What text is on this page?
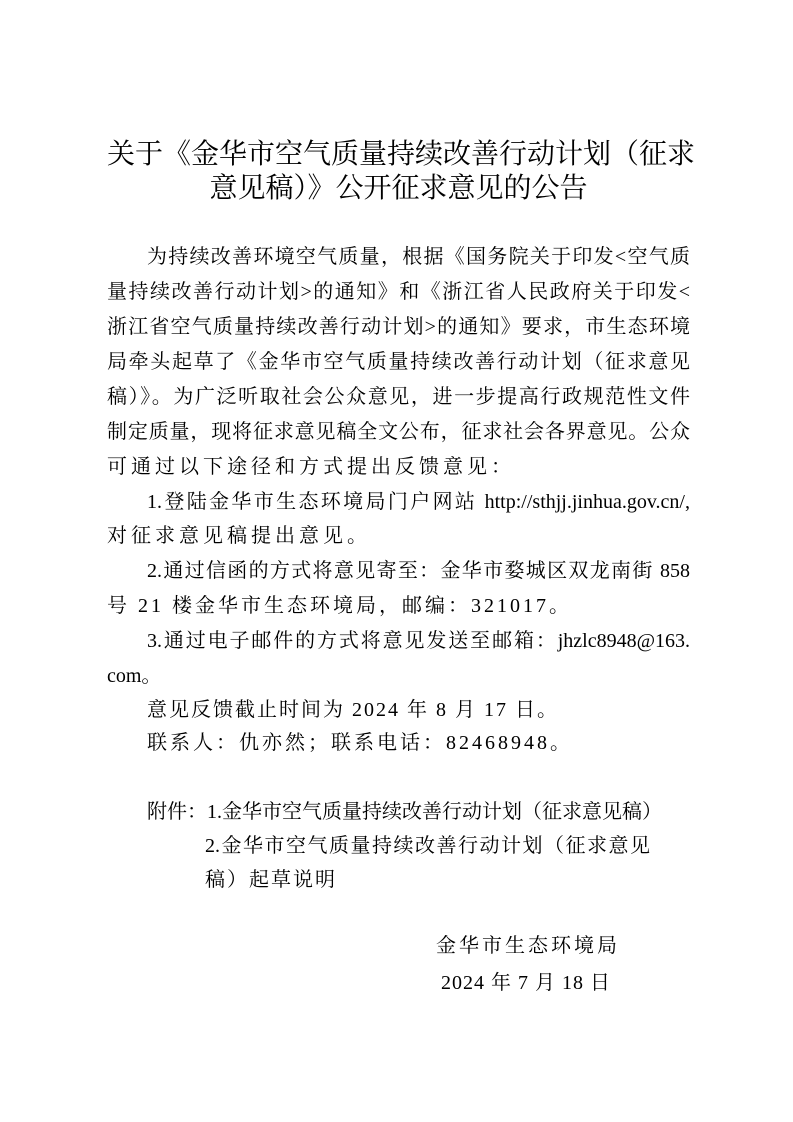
关于《金华市空气质量持续改善行动计划（征求
意见稿）》公开征求意见的公告
为持续改善环境空气质量，根据《国务院关于印发<空气质
量持续改善行动计划>的通知》和《浙江省人民政府关于印发<
浙江省空气质量持续改善行动计划>的通知》要求，市生态环境
局牵头起草了《金华市空气质量持续改善行动计划（征求意见
稿）》。为广泛听取社会公众意见，进一步提高行政规范性文件
制定质量，现将征求意见稿全文公布，征求社会各界意见。公众
可通过以下途径和方式提出反馈意见：
1.登陆金华市生态环境局门户网站 http://sthjj.jinhua.gov.cn/,
对征求意见稿提出意见。
2.通过信函的方式将意见寄至：金华市婺城区双龙南街 858
号 21 楼金华市生态环境局，邮编：321017。
3.通过电子邮件的方式将意见发送至邮箱：jhzlc8948@163.
com。
意见反馈截止时间为 2024 年 8 月 17 日。
联系人：仇亦然；联系电话：82468948。
附件：1.金华市空气质量持续改善行动计划（征求意见稿）
2.金华市空气质量持续改善行动计划（征求意见
稿）起草说明
金华市生态环境局
2024 年 7 月 18 日
